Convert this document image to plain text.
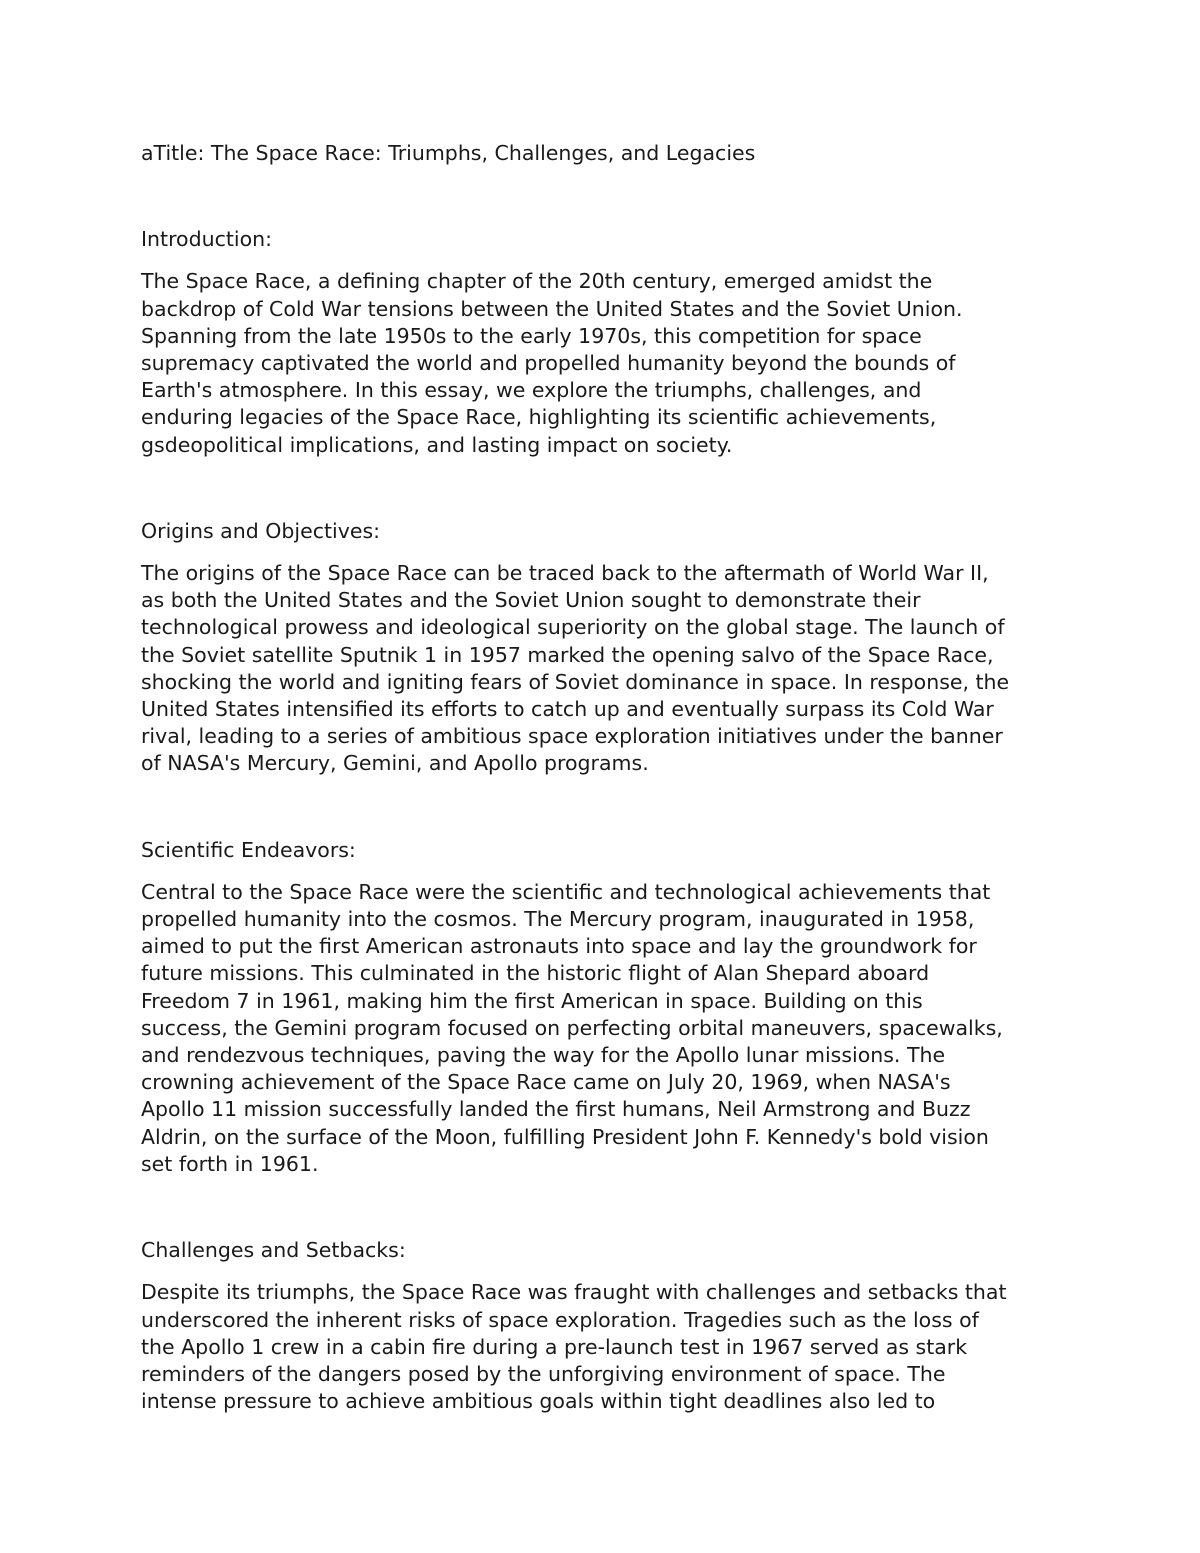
aTitle: The Space Race: Triumphs, Challenges, and Legacies
Introduction:
The Space Race, a defining chapter of the 20th century, emerged amidst the
backdrop of Cold War tensions between the United States and the Soviet Union.
Spanning from the late 1950s to the early 1970s, this competition for space
supremacy captivated the world and propelled humanity beyond the bounds of
Earth's atmosphere. In this essay, we explore the triumphs, challenges, and
enduring legacies of the Space Race, highlighting its scientific achievements,
gsdeopolitical implications, and lasting impact on society.
Origins and Objectives:
The origins of the Space Race can be traced back to the aftermath of World War II,
as both the United States and the Soviet Union sought to demonstrate their
technological prowess and ideological superiority on the global stage. The launch of
the Soviet satellite Sputnik 1 in 1957 marked the opening salvo of the Space Race,
shocking the world and igniting fears of Soviet dominance in space. In response, the
United States intensified its efforts to catch up and eventually surpass its Cold War
rival, leading to a series of ambitious space exploration initiatives under the banner
of NASA's Mercury, Gemini, and Apollo programs.
Scientific Endeavors:
Central to the Space Race were the scientific and technological achievements that
propelled humanity into the cosmos. The Mercury program, inaugurated in 1958,
aimed to put the first American astronauts into space and lay the groundwork for
future missions. This culminated in the historic flight of Alan Shepard aboard
Freedom 7 in 1961, making him the first American in space. Building on this
success, the Gemini program focused on perfecting orbital maneuvers, spacewalks,
and rendezvous techniques, paving the way for the Apollo lunar missions. The
crowning achievement of the Space Race came on July 20, 1969, when NASA's
Apollo 11 mission successfully landed the first humans, Neil Armstrong and Buzz
Aldrin, on the surface of the Moon, fulfilling President John F. Kennedy's bold vision
set forth in 1961.
Challenges and Setbacks:
Despite its triumphs, the Space Race was fraught with challenges and setbacks that
underscored the inherent risks of space exploration. Tragedies such as the loss of
the Apollo 1 crew in a cabin fire during a pre-launch test in 1967 served as stark
reminders of the dangers posed by the unforgiving environment of space. The
intense pressure to achieve ambitious goals within tight deadlines also led to
